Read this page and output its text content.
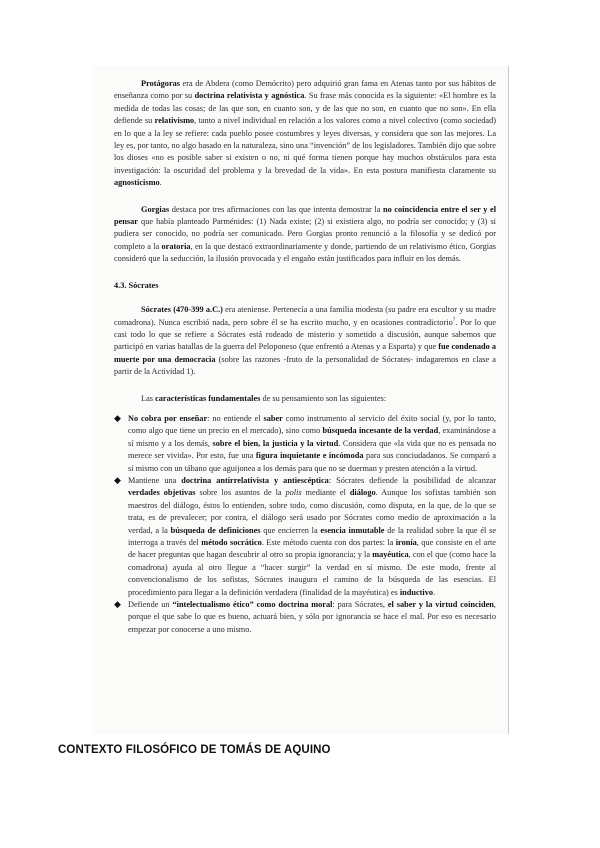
Protágoras era de Abdera (como Demócrito) pero adquirió gran fama en Atenas tanto por sus hábitos de enseñanza como por su doctrina relativista y agnóstica. Su frase más conocida es la siguiente: «El hombre es la medida de todas las cosas; de las que son, en cuanto son, y de las que no son, en cuanto que no son». En ella defiende su relativismo, tanto a nivel individual en relación a los valores como a nivel colectivo (como sociedad) en lo que a la ley se refiere: cada pueblo posee costumbres y leyes diversas, y considera que son las mejores. La ley es, por tanto, no algo basado en la naturaleza, sino una “invención” de los legisladores. También dijo que sobre los dioses «no es posible saber si existen o no, ni qué forma tienen porque hay muchos obstáculos para esta investigación: la oscuridad del problema y la brevedad de la vida». En esta postura manifiesta claramente su agnosticismo.

Gorgias destaca por tres afirmaciones con las que intenta demostrar la no coincidencia entre el ser y el pensar que había planteado Parménides: (1) Nada existe; (2) si existiera algo, no podría ser conocido; y (3) si pudiera ser conocido, no podría ser comunicado. Pero Gorgias pronto renunció a la filosofía y se dedicó por completo a la oratoria, en la que destacó extraordinariamente y donde, partiendo de un relativismo ético, Gorgias consideró que la seducción, la ilusión provocada y el engaño están justificados para influir en los demás.

4.3. Sócrates

Sócrates (470-399 a.C.) era ateniense. Pertenecía a una familia modesta (su padre era escultor y su madre comadrona). Nunca escribió nada, pero sobre él se ha escrito mucho, y en ocasiones contradictorio$^7$. Por lo que casi todo lo que se refiere a Sócrates está rodeado de misterio y sometido a discusión, aunque sabemos que participó en varias batallas de la guerra del Peloponeso (que enfrentó a Atenas y a Esparta) y que fue condenado a muerte por una democracia (sobre las razones -fruto de la personalidad de Sócrates- indagaremos en clase a partir de la Actividad 1).

Las características fundamentales de su pensamiento son las siguientes:

◆ No cobra por enseñar: no entiende el saber como instrumento al servicio del éxito social (y, por lo tanto, como algo que tiene un precio en el mercado), sino como búsqueda incesante de la verdad, examinándose a sí mismo y a los demás, sobre el bien, la justicia y la virtud. Considera que «la vida que no es pensada no merece ser vivida». Por esto, fue una figura inquietante e incómoda para sus conciudadanos. Se comparó a sí mismo con un tábano que aguijonea a los demás para que no se duerman y presten atención a la virtud.

◆ Mantiene una doctrina antirrelativista y antiescéptica: Sócrates defiende la posibilidad de alcanzar verdades objetivas sobre los asuntos de la polis mediante el diálogo. Aunque los sofistas también son maestros del diálogo, éstos lo entienden, sobre todo, como discusión, como disputa, en la que, de lo que se trata, es de prevalecer; por contra, el diálogo será usado por Sócrates como medio de aproximación a la verdad, a la búsqueda de definiciones que encierren la esencia inmutable de la realidad sobre la que él se interroga a través del método socrático. Este método cuenta con dos partes: la ironía, que consiste en el arte de hacer preguntas que hagan descubrir al otro su propia ignorancia; y la mayéutica, con el que (como hace la comadrona) ayuda al otro llegue a “hacer surgir” la verdad en sí mismo. De este modo, frente al convencionalismo de los sofistas, Sócrates inaugura el camino de la búsqueda de las esencias. El procedimiento para llegar a la definición verdadera (finalidad de la mayéutica) es inductivo.

◆ Defiende un “intelectualismo ético” como doctrina moral: para Sócrates, el saber y la virtud coinciden, porque el que sabe lo que es bueno, actuará bien, y sólo por ignorancia se hace el mal. Por eso es necesario empezar por conocerse a uno mismo.

CONTEXTO FILOSÓFICO DE TOMÁS DE AQUINO
